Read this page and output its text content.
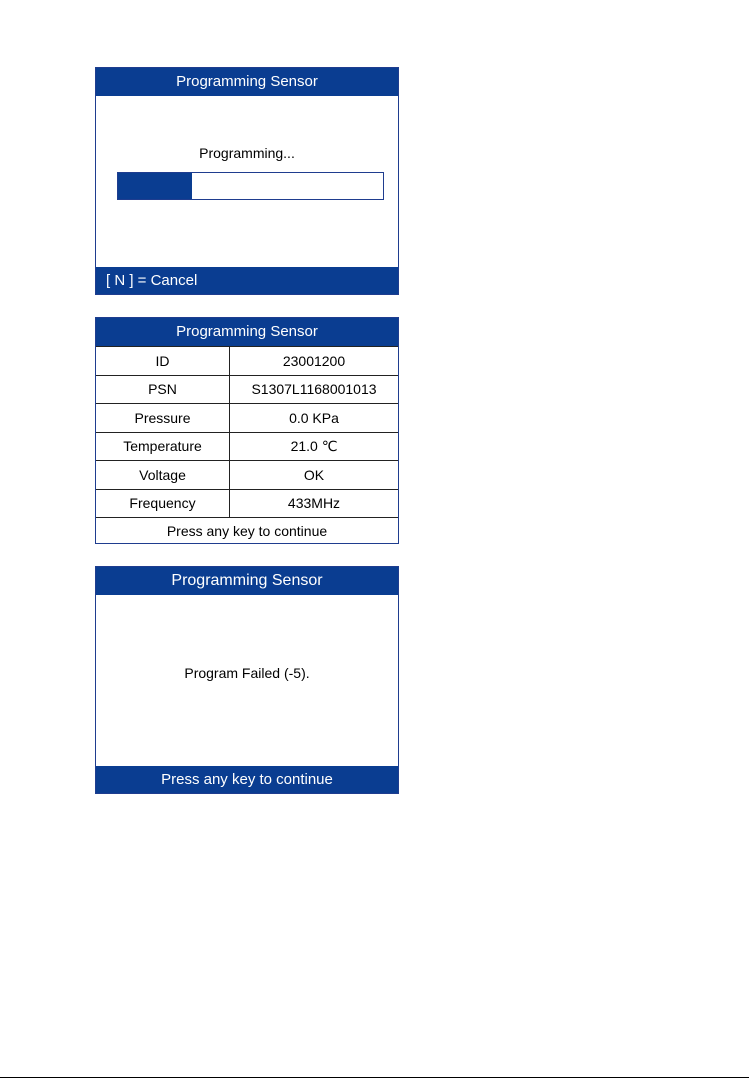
Programming Sensor
Programming...
[ N ] = Cancel
Programming Sensor
ID	23001200
PSN	S1307L1168001013
Pressure	0.0 KPa
Temperature	21.0 ℃
Voltage	OK
Frequency	433MHz
Press any key to continue
Programming Sensor
Program Failed (-5).
Press any key to continue
